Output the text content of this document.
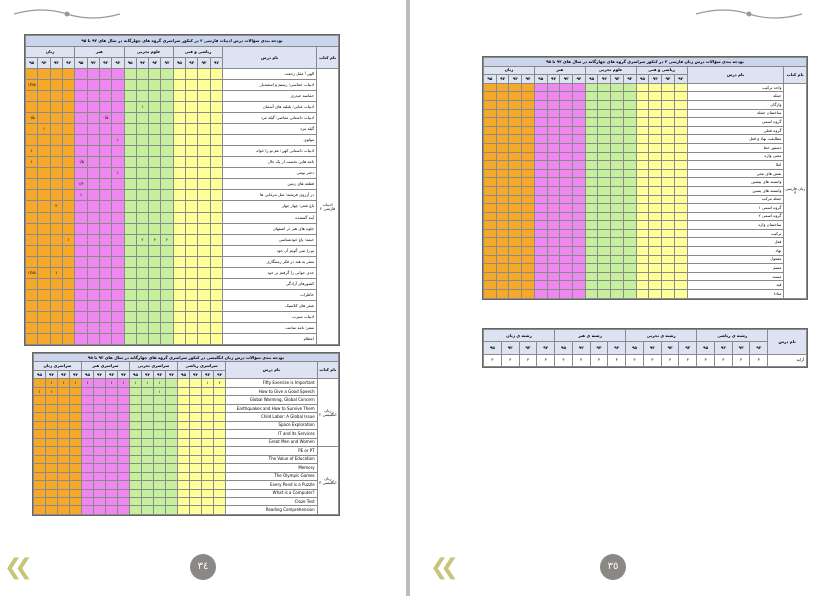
بودجه بندی سؤالات درس ادبیات فارسی ۲ در کنکور سراسری گروه های چهارگانه در سال های ۹۲ تا ۹۵																	
زبان				هنر				علوم تجربی				ریاضی و فنی				نام درس	نام کتاب
۹۵	۹۴	۹۳	۹۲	۹۵	۹۴	۹۳	۹۲	۹۵	۹۴	۹۳	۹۲	۹۵	۹۴	۹۳	۹۲		
																الهی! عقل رحمت	ادبیات فارسی ۲
۱/۲۵																ادبیات حماسی؛ رستم و اسفندیار	
																حماسه حیدری	
									۱							ادبیات غنایی؛ بلبلیه های آسمان	
۰/۵						۰/۵										ادبیات داستانی معاصر؛ گیله مرد	
	۱															گیله مرد	
							۱									مولوی	
۱																ادبیات داستانی کهن؛ غم تو را خواه	
۱				۰/۵												نامه هایی نخست از یک حال	
							۱									دختر بومی	
				۱/۲												قطعه های زمین	
				۱												در آرزوی فرشته؛ مثل مرغابی ها	
		۲														باغ شعر؛ چهار چهار	
																آینه گمشده	
																جلوه های هنر در اصفهان	
			۱						۲	۲	۲					خیمه؛ باغ خودشناسی	
																تو را نمی گویم آن خود	
																سفر به هند در فکر رستگاری	
۱/۲۵		۱														جدی جوانی را گرفتم بر خود	
																کشورهای آزادگی	
																خاطرات	
																شعر های کلاسیک	
																ادبیات سیرت	
																سفر؛ نامه ساعت	
																اعظام	
بودجه بندی سؤالات درس زبان انگلیسی در کنکور سراسری گروه های چهارگانه در سال های ۹۲ تا ۹۵																	
سراسری زبان				سراسری هنر				سراسری تجربی				سراسری ریاضی				نام درس	نام کتاب
۹۵	۹۴	۹۳	۹۲	۹۵	۹۴	۹۳	۹۲	۹۵	۹۴	۹۳	۹۲	۹۵	۹۴	۹۳	۹۲		
	۱	۱	۱	۱		۱	۱	۱	۱	۱				۱	۲	Fifty Exercise is Important	زبان انگلیسی ۲
۱	۱									۱						How to Give a Good Speech	
																Global Warming, Global Concern	
																Earthquakes and How to Survive Them	
																Child Labor: A Global Issue	
																Space Exploration	
																IT and its Services	
																Great Men and Women	
																PE or PT	زبان انگلیسی ۳
																The Value of Education	
																Memory	
																The Olympic Games	
																Every Pond is a Puzzle	
																What is a Computer?	
																Cloze Test	
																Reading Comprehension	
❮❮	٣٤
بودجه بندی سؤالات درس زبان فارسی ۳ در کنکور سراسری گروه های چهارگانه در سال های ۹۲ تا ۹۵																	
زبان				هنر				علوم تجربی				ریاضی و فنی				نام درس	نام کتاب
۹۵	۹۴	۹۳	۹۲	۹۵	۹۴	۹۳	۹۲	۹۵	۹۴	۹۳	۹۲	۹۵	۹۴	۹۳	۹۲		
																واحد ترکیب	زبان فارسی ۳
																جمله	
																واژگان	
																ساختمان جمله	
																گروه اسمی	
																گروه فعلی	
																مطابقت نهاد و فعل	
																دستور خط	
																معنی واژه	
																املا	
																نقش های تبعی	
																وابسته های پیشین	
																وابسته های پسین	
																جمله مرکب	
																گروه اسمی ۱	
																گروه اسمی ۲	
																ساختمان واژه	
																ترکیب	
																فعل	
																نهاد	
																مفعول	
																متمم	
																مسند	
																قید	
																منادا	
رشته ی زبان				رشته ی هنر				رشته ی تجربی				رشته ی ریاضی				نام درس
۹۵	۹۴	۹۳	۹۲	۹۵	۹۴	۹۳	۹۲	۹۵	۹۴	۹۳	۹۲	۹۵	۹۴	۹۳	۹۲	
۳	۳	۳	۳	۳	۳	۳	۳	۳	۳	۳	۳	۳	۳	۳	۳	آرایه
❮❮	٣٥
